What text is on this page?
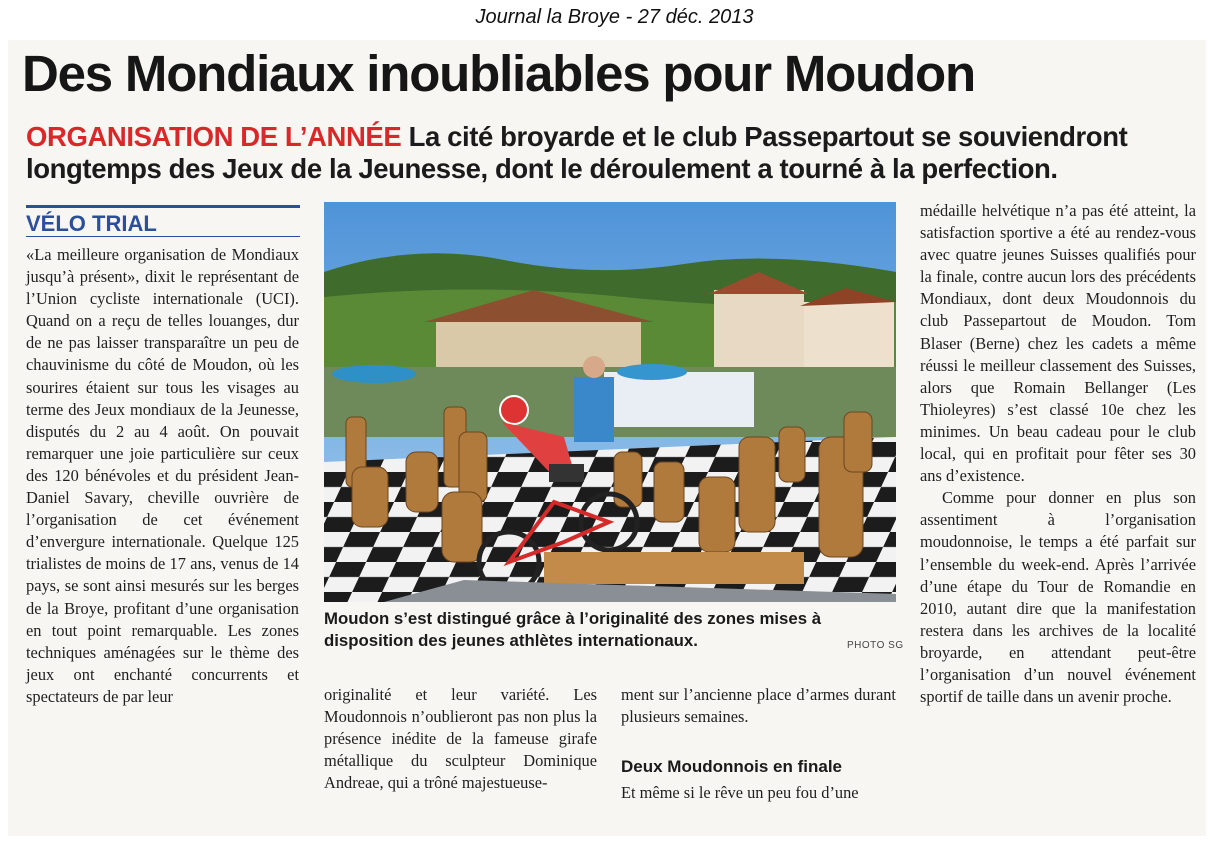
Journal la Broye - 27 déc. 2013
Des Mondiaux inoubliables pour Moudon
ORGANISATION DE L’ANNÉE La cité broyarde et le club Passepartout se souviendront longtemps des Jeux de la Jeunesse, dont le déroulement a tourné à la perfection.
VÉLO TRIAL

«La meilleure organisation de Mondiaux jusqu’à présent», dixit le représentant de l’Union cycliste internationale (UCI). Quand on a reçu de telles louanges, dur de ne pas laisser transparaître un peu de chauvinisme du côté de Moudon, où les sourires étaient sur tous les visages au terme des Jeux mondiaux de la Jeunesse, disputés du 2 au 4 août. On pouvait remarquer une joie particulière sur ceux des 120 bénévoles et du président Jean-Daniel Savary, cheville ouvrière de l’organisation de cet événement d’envergure internationale. Quelque 125 trialistes de moins de 17 ans, venus de 14 pays, se sont ainsi mesurés sur les berges de la Broye, profitant d’une organisation en tout point remarquable. Les zones techniques aménagées sur le thème des jeux ont enchanté concurrents et spectateurs de par leur

Moudon s’est distingué grâce à l’originalité des zones mises à disposition des jeunes athlètes internationaux.	PHOTO SG

originalité et leur variété. Les Moudonnois n’oublieront pas non plus la présence inédite de la fameuse girafe métallique du sculpteur Dominique Andreae, qui a trôné majestueuse-

ment sur l’ancienne place d’armes durant plusieurs semaines.

Deux Moudonnois en finale

Et même si le rêve un peu fou d’une

médaille helvétique n’a pas été atteint, la satisfaction sportive a été au rendez-vous avec quatre jeunes Suisses qualifiés pour la finale, contre aucun lors des précédents Mondiaux, dont deux Moudonnois du club Passepartout de Moudon. Tom Blaser (Berne) chez les cadets a même réussi le meilleur classement des Suisses, alors que Romain Bellanger (Les Thioleyres) s’est classé 10e chez les minimes. Un beau cadeau pour le club local, qui en profitait pour fêter ses 30 ans d’existence.

Comme pour donner en plus son assentiment à l’organisation moudonnoise, le temps a été parfait sur l’ensemble du week-end. Après l’arrivée d’une étape du Tour de Romandie en 2010, autant dire que la manifestation restera dans les archives de la localité broyarde, en attendant peut-être l’organisation d’un nouvel événement sportif de taille dans un avenir proche.
